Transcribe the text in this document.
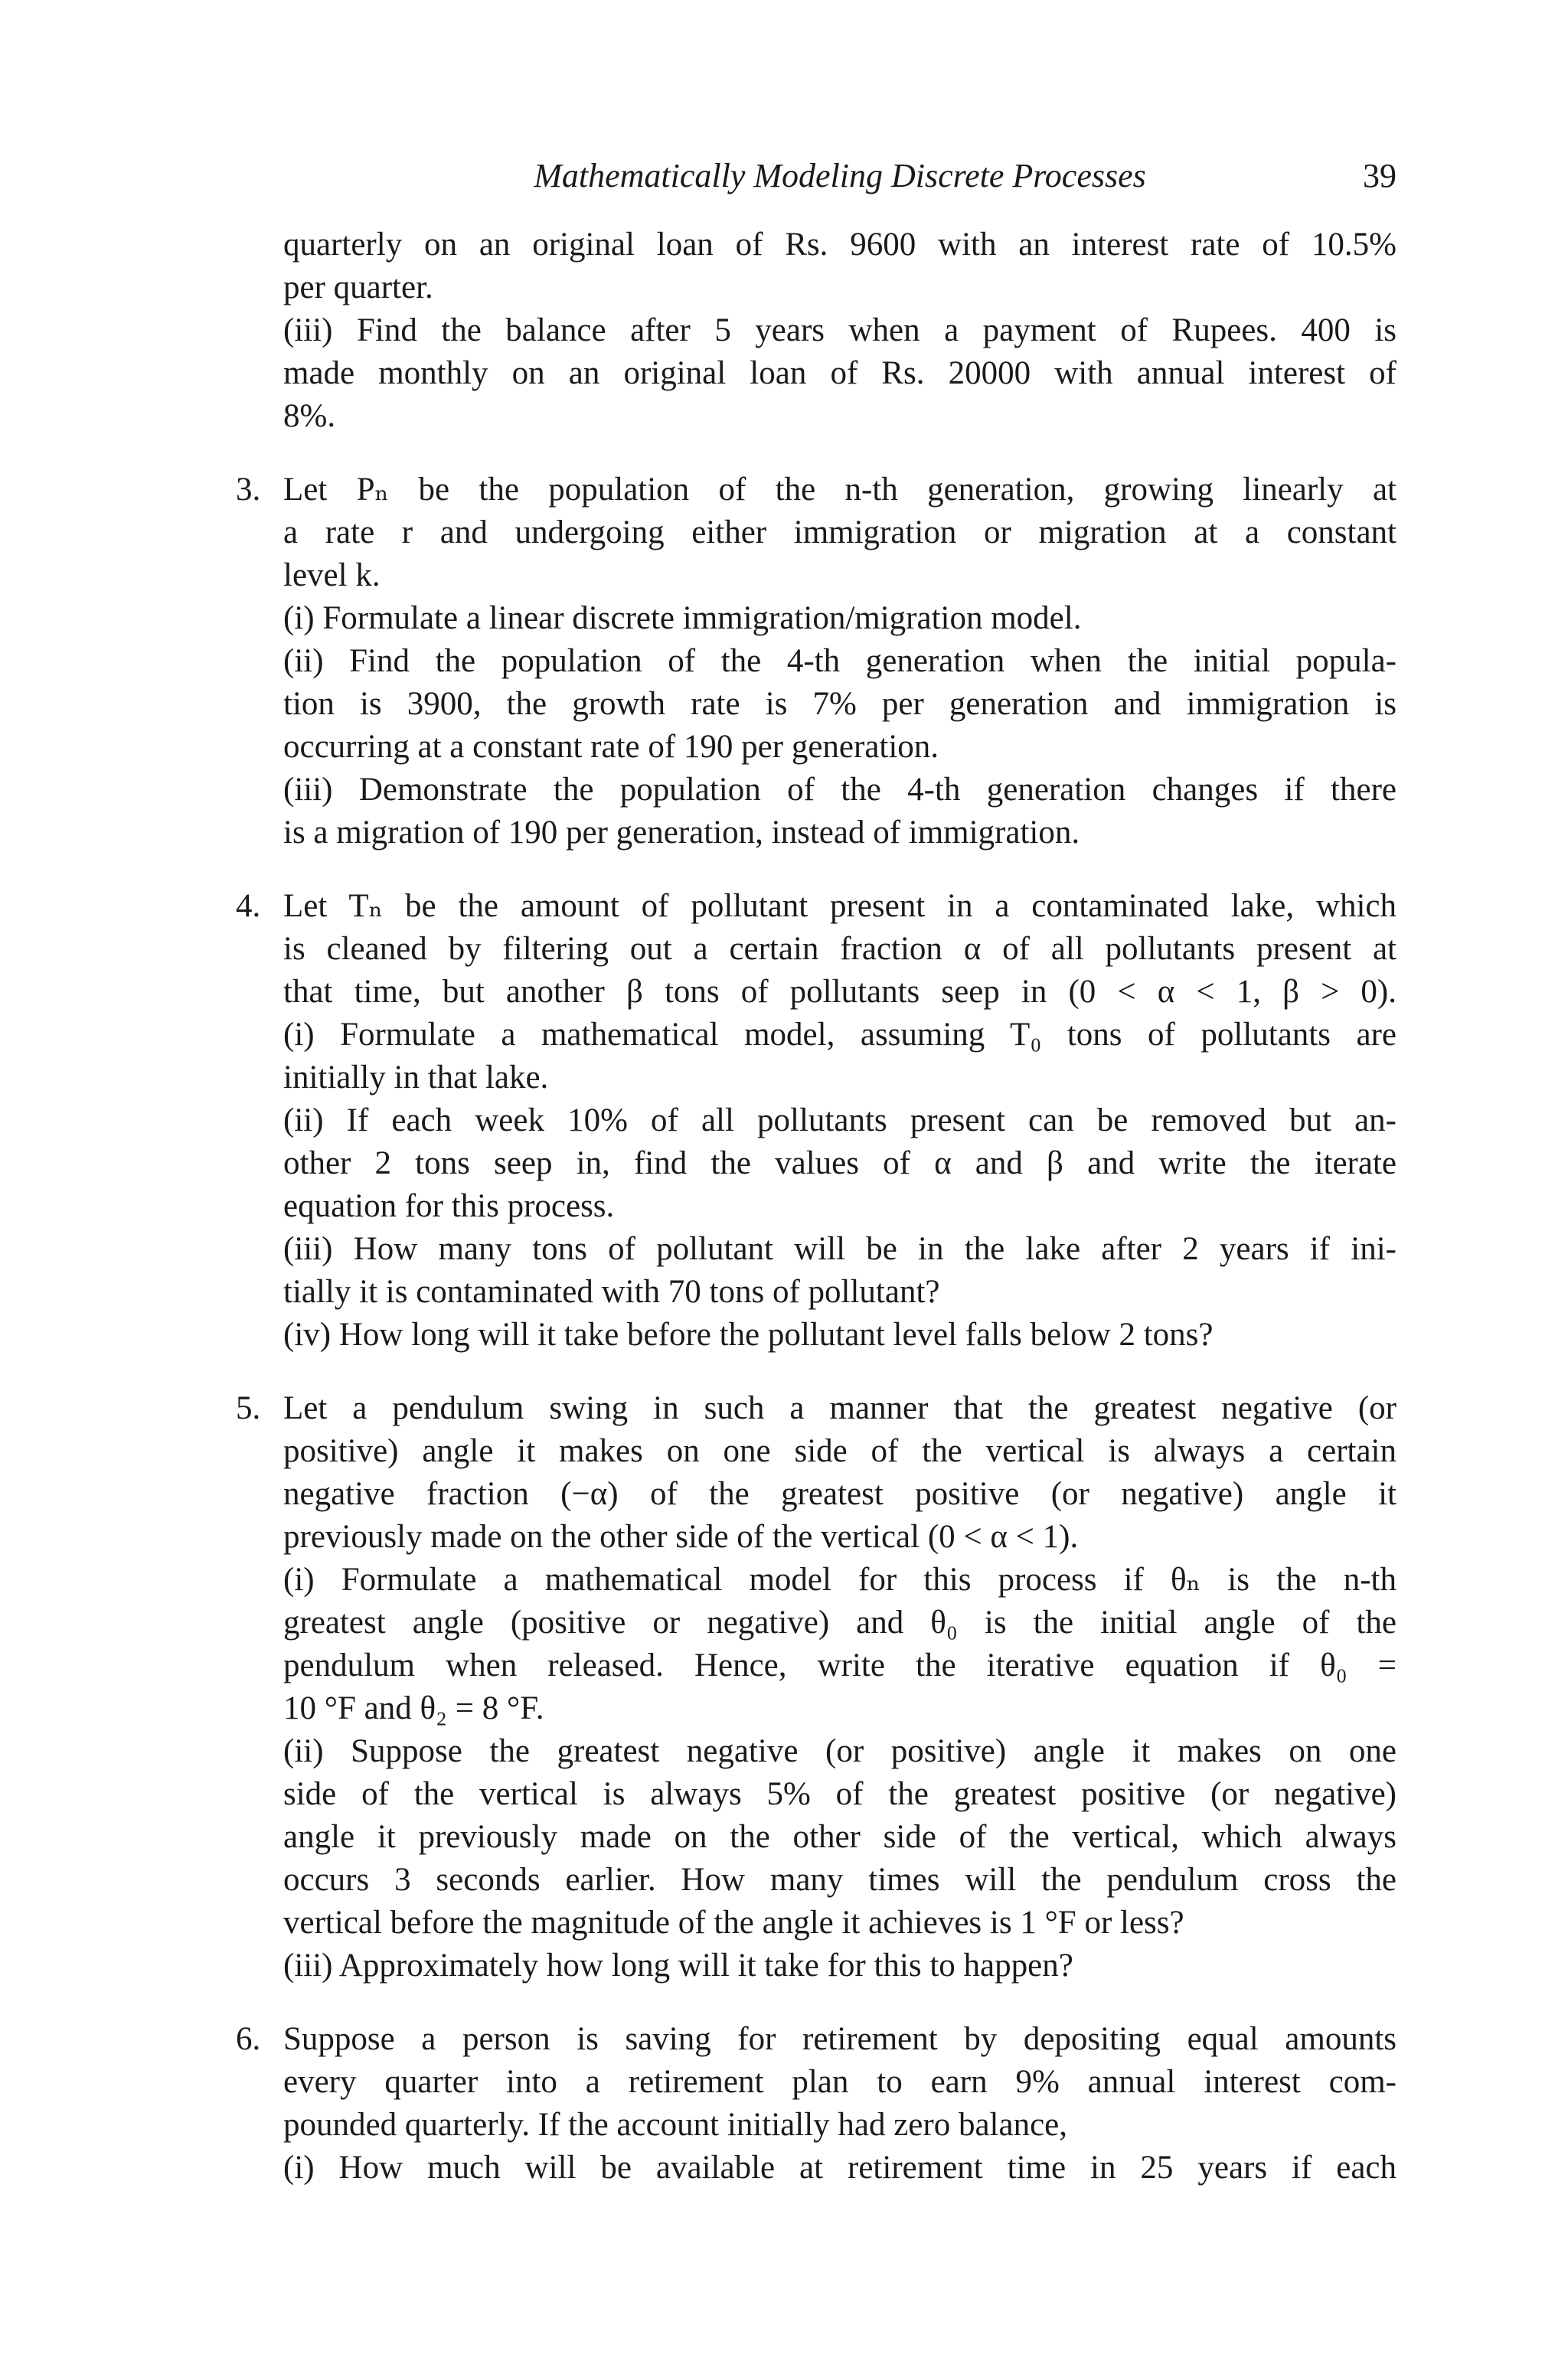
Mathematically Modeling Discrete Processes	39
quarterly on an original loan of Rs. 9600 with an interest rate of 10.5%
per quarter.
(iii) Find the balance after 5 years when a payment of Rupees. 400 is
made monthly on an original loan of Rs. 20000 with annual interest of
8%.
3. Let Pₙ be the population of the n-th generation, growing linearly at
a rate r and undergoing either immigration or migration at a constant
level k.
(i) Formulate a linear discrete immigration/migration model.
(ii) Find the population of the 4-th generation when the initial popula-
tion is 3900, the growth rate is 7% per generation and immigration is
occurring at a constant rate of 190 per generation.
(iii) Demonstrate the population of the 4-th generation changes if there
is a migration of 190 per generation, instead of immigration.
4. Let Tₙ be the amount of pollutant present in a contaminated lake, which
is cleaned by filtering out a certain fraction α of all pollutants present at
that time, but another β tons of pollutants seep in (0 < α < 1, β > 0).
(i) Formulate a mathematical model, assuming T₀ tons of pollutants are
initially in that lake.
(ii) If each week 10% of all pollutants present can be removed but an-
other 2 tons seep in, find the values of α and β and write the iterate
equation for this process.
(iii) How many tons of pollutant will be in the lake after 2 years if ini-
tially it is contaminated with 70 tons of pollutant?
(iv) How long will it take before the pollutant level falls below 2 tons?
5. Let a pendulum swing in such a manner that the greatest negative (or
positive) angle it makes on one side of the vertical is always a certain
negative fraction (−α) of the greatest positive (or negative) angle it
previously made on the other side of the vertical (0 < α < 1).
(i) Formulate a mathematical model for this process if θₙ is the n-th
greatest angle (positive or negative) and θ₀ is the initial angle of the
pendulum when released. Hence, write the iterative equation if θ₀ =
10 °F and θ₂ = 8 °F.
(ii) Suppose the greatest negative (or positive) angle it makes on one
side of the vertical is always 5% of the greatest positive (or negative)
angle it previously made on the other side of the vertical, which always
occurs 3 seconds earlier. How many times will the pendulum cross the
vertical before the magnitude of the angle it achieves is 1 °F or less?
(iii) Approximately how long will it take for this to happen?
6. Suppose a person is saving for retirement by depositing equal amounts
every quarter into a retirement plan to earn 9% annual interest com-
pounded quarterly. If the account initially had zero balance,
(i) How much will be available at retirement time in 25 years if each
